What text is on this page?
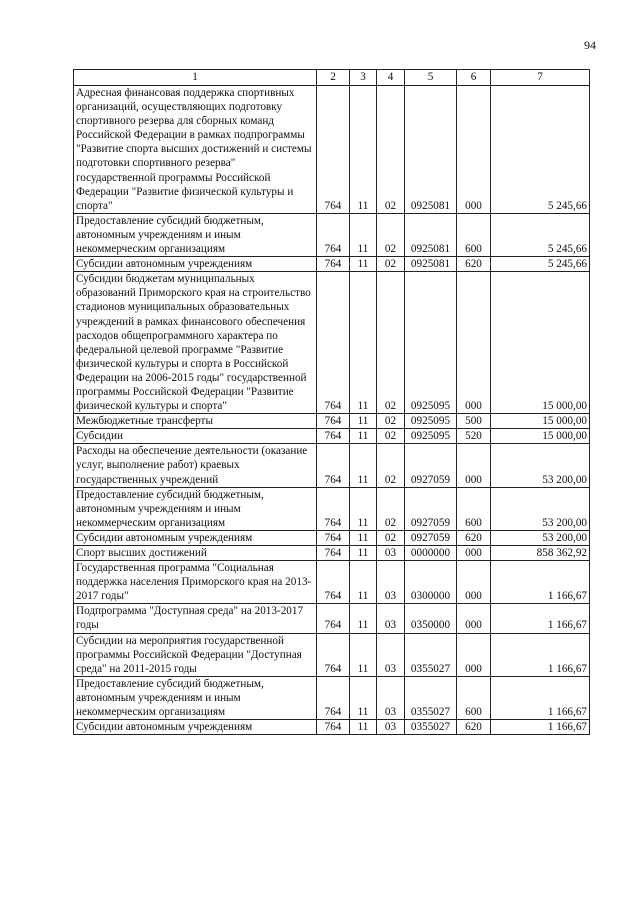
94
1	2	3	4	5	6	7
Адресная финансовая поддержка спортивных организаций, осуществляющих подготовку спортивного резерва для сборных команд Российской Федерации в рамках подпрограммы "Развитие спорта высших достижений и системы подготовки спортивного резерва" государственной программы Российской Федерации "Развитие физической культуры и спорта"	764	11	02	0925081	000	5 245,66
Предоставление субсидий бюджетным, автономным учреждениям и иным некоммерческим организациям	764	11	02	0925081	600	5 245,66
Субсидии автономным учреждениям	764	11	02	0925081	620	5 245,66
Субсидии бюджетам муниципальных образований Приморского края на строительство стадионов муниципальных образовательных учреждений в рамках финансового обеспечения расходов общепрограммного характера по федеральной целевой программе "Развитие физической культуры и спорта в Российской Федерации на 2006-2015 годы" государственной программы Российской Федерации "Развитие физической культуры и спорта"	764	11	02	0925095	000	15 000,00
Межбюджетные трансферты	764	11	02	0925095	500	15 000,00
Субсидии	764	11	02	0925095	520	15 000,00
Расходы на обеспечение деятельности (оказание услуг, выполнение работ) краевых государственных учреждений	764	11	02	0927059	000	53 200,00
Предоставление субсидий бюджетным, автономным учреждениям и иным некоммерческим организациям	764	11	02	0927059	600	53 200,00
Субсидии автономным учреждениям	764	11	02	0927059	620	53 200,00
Спорт высших достижений	764	11	03	0000000	000	858 362,92
Государственная программа "Социальная поддержка населения Приморского края на 2013-2017 годы"	764	11	03	0300000	000	1 166,67
Подпрограмма "Доступная среда" на 2013-2017 годы	764	11	03	0350000	000	1 166,67
Субсидии на мероприятия государственной программы Российской Федерации "Доступная среда" на 2011-2015 годы	764	11	03	0355027	000	1 166,67
Предоставление субсидий бюджетным, автономным учреждениям и иным некоммерческим организациям	764	11	03	0355027	600	1 166,67
Субсидии автономным учреждениям	764	11	03	0355027	620	1 166,67
